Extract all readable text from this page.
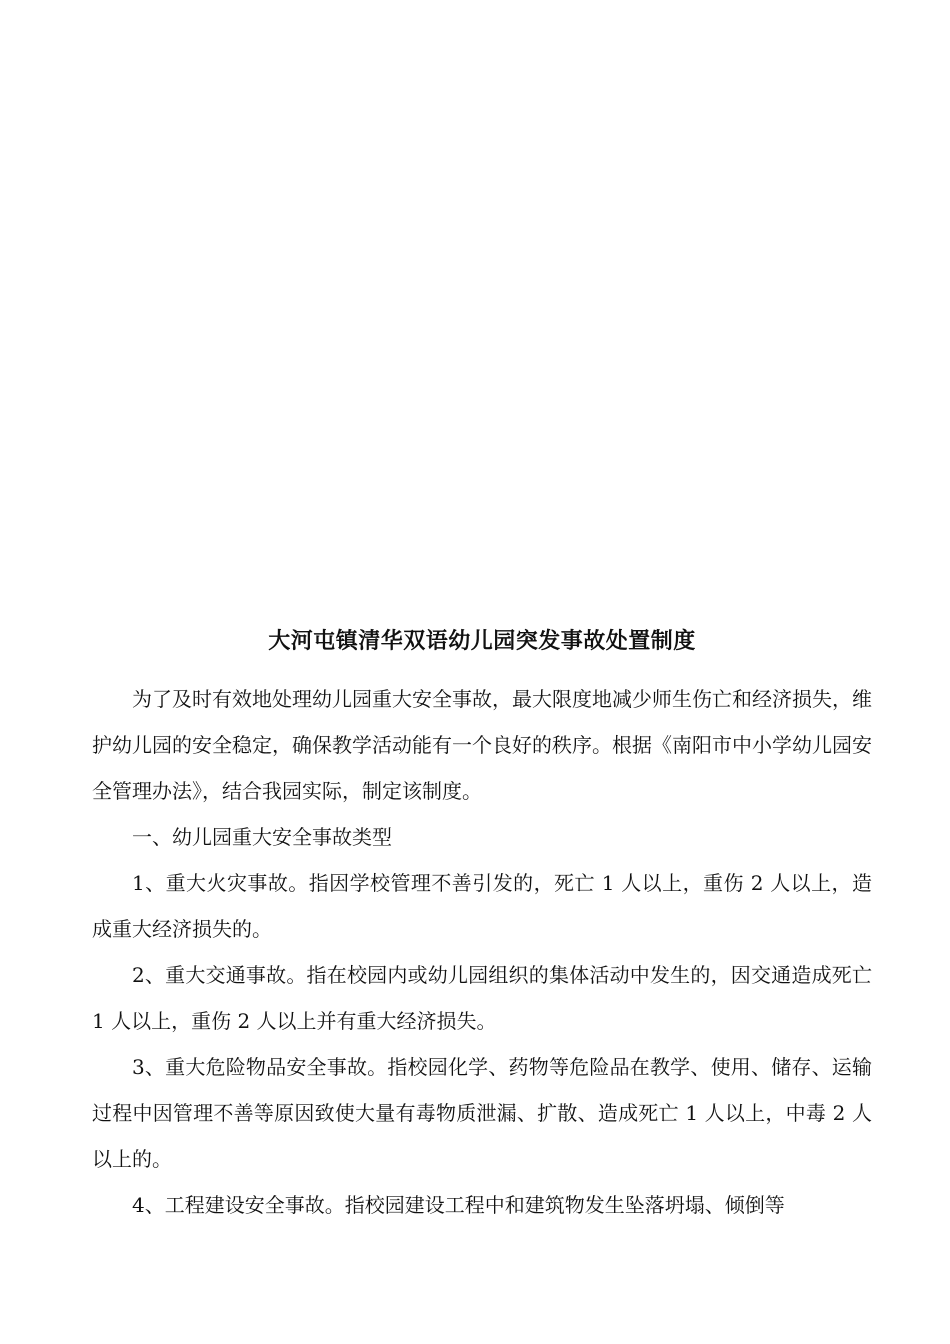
大河屯镇清华双语幼儿园突发事故处置制度

为了及时有效地处理幼儿园重大安全事故，最大限度地减少师生伤亡和经济损失，维护幼儿园的安全稳定，确保教学活动能有一个良好的秩序。根据《南阳市中小学幼儿园安全管理办法》，结合我园实际，制定该制度。

一、幼儿园重大安全事故类型

1、重大火灾事故。指因学校管理不善引发的，死亡 1 人以上，重伤 2 人以上，造成重大经济损失的。

2、重大交通事故。指在校园内或幼儿园组织的集体活动中发生的，因交通造成死亡 1 人以上，重伤 2 人以上并有重大经济损失。

3、重大危险物品安全事故。指校园化学、药物等危险品在教学、使用、储存、运输过程中因管理不善等原因致使大量有毒物质泄漏、扩散、造成死亡 1 人以上，中毒 2 人以上的。

4、工程建设安全事故。指校园建设工程中和建筑物发生坠落坍塌、倾倒等
